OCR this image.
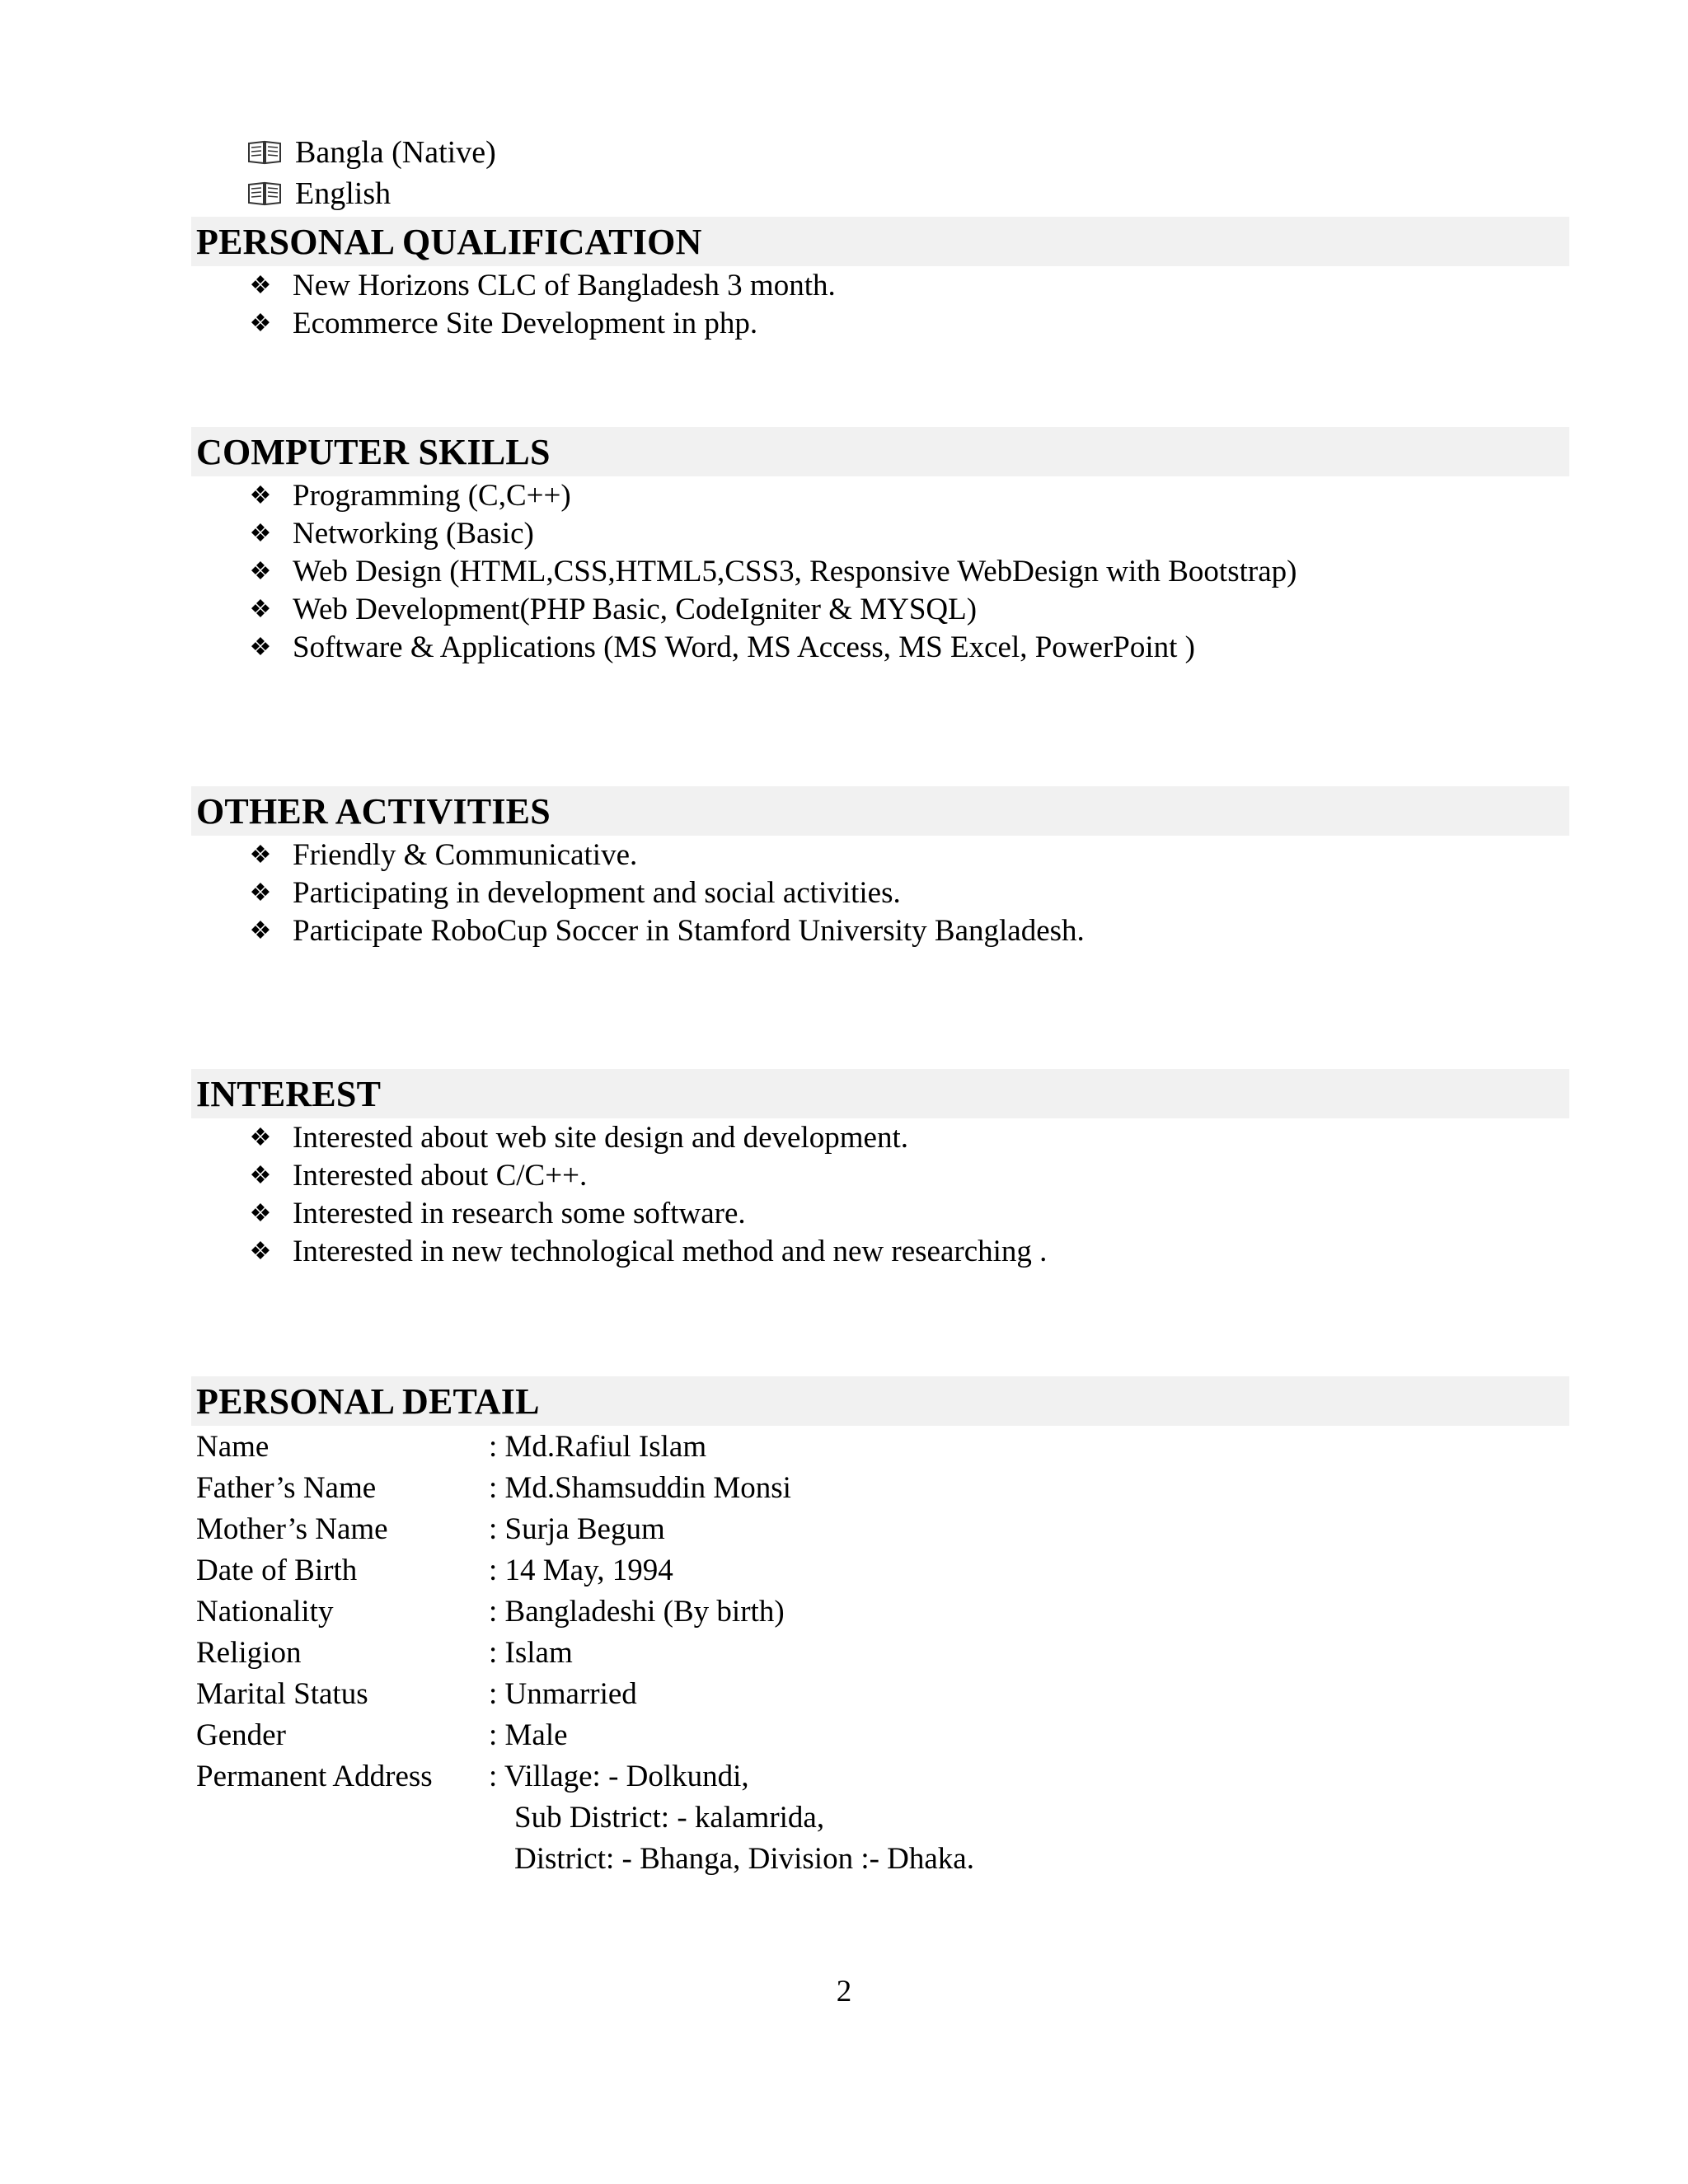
Bangla (Native)
English
PERSONAL QUALIFICATION
❖ New Horizons CLC of Bangladesh 3 month.
❖ Ecommerce Site Development in php.
COMPUTER SKILLS
❖ Programming (C,C++)
❖ Networking (Basic)
❖ Web Design (HTML,CSS,HTML5,CSS3, Responsive WebDesign with Bootstrap)
❖ Web Development(PHP Basic, CodeIgniter & MYSQL)
❖ Software & Applications (MS Word, MS Access, MS Excel, PowerPoint )
OTHER ACTIVITIES
❖ Friendly & Communicative.
❖ Participating in development and social activities.
❖ Participate RoboCup Soccer in Stamford University Bangladesh.
INTEREST
❖ Interested about web site design and development.
❖ Interested about C/C++.
❖ Interested in research some software.
❖ Interested in new technological method and new researching .
PERSONAL DETAIL
Name	: Md.Rafiul Islam
Father’s Name	: Md.Shamsuddin Monsi
Mother’s Name	: Surja Begum
Date of Birth	: 14 May, 1994
Nationality	: Bangladeshi (By birth)
Religion	: Islam
Marital Status	: Unmarried
Gender	: Male
Permanent Address	: Village: - Dolkundi,
Sub District: - kalamrida,
District: - Bhanga, Division :- Dhaka.
2
